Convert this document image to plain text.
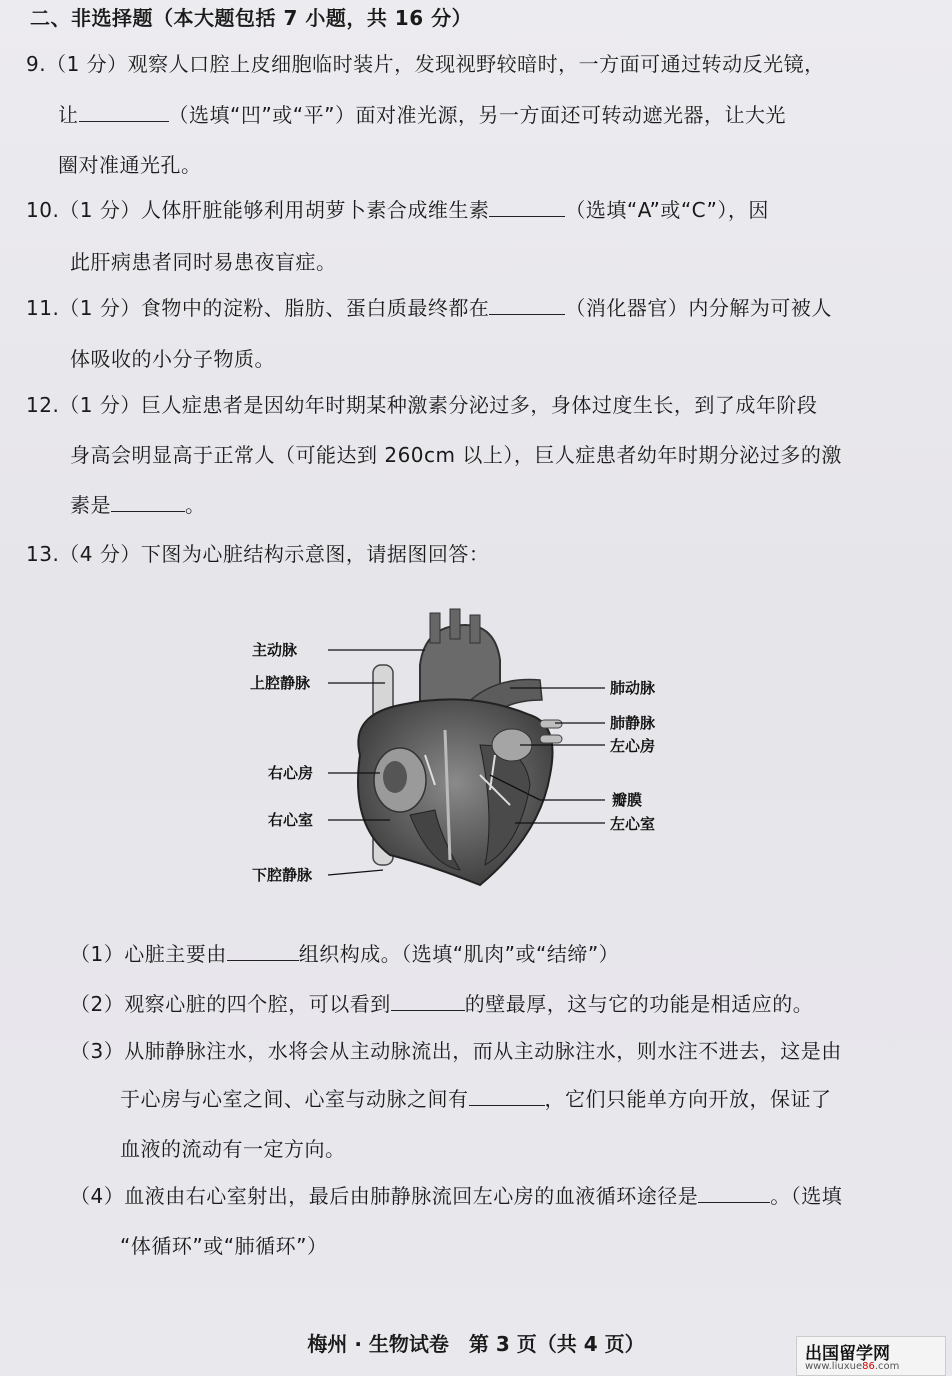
二、非选择题（本大题包括 7 小题，共 16 分）
9.（1 分）观察人口腔上皮细胞临时装片，发现视野较暗时，一方面可通过转动反光镜，
让	（选填“凹”或“平”）面对准光源，另一方面还可转动遮光器，让大光
圈对准通光孔。
10.（1 分）人体肝脏能够利用胡萝卜素合成维生素	（选填“A”或“C”），因
此肝病患者同时易患夜盲症。
11.（1 分）食物中的淀粉、脂肪、蛋白质最终都在	（消化器官）内分解为可被人
体吸收的小分子物质。
12.（1 分）巨人症患者是因幼年时期某种激素分泌过多，身体过度生长，到了成年阶段
身高会明显高于正常人（可能达到 260cm 以上），巨人症患者幼年时期分泌过多的激
素是	。
13.（4 分）下图为心脏结构示意图，请据图回答：
主动脉
上腔静脉
右心房
右心室
下腔静脉
肺动脉
肺静脉
左心房
瓣膜
左心室
（1）心脏主要由	组织构成。（选填“肌肉”或“结缔”）
（2）观察心脏的四个腔，可以看到	的壁最厚，这与它的功能是相适应的。
（3）从肺静脉注水，水将会从主动脉流出，而从主动脉注水，则水注不进去，这是由
于心房与心室之间、心室与动脉之间有	，它们只能单方向开放，保证了
血液的流动有一定方向。
（4）血液由右心室射出，最后由肺静脉流回左心房的血液循环途径是	。（选填
“体循环”或“肺循环”）
梅州 · 生物试卷　第 3 页（共 4 页）	出国留学网
www.liuxue86.com
